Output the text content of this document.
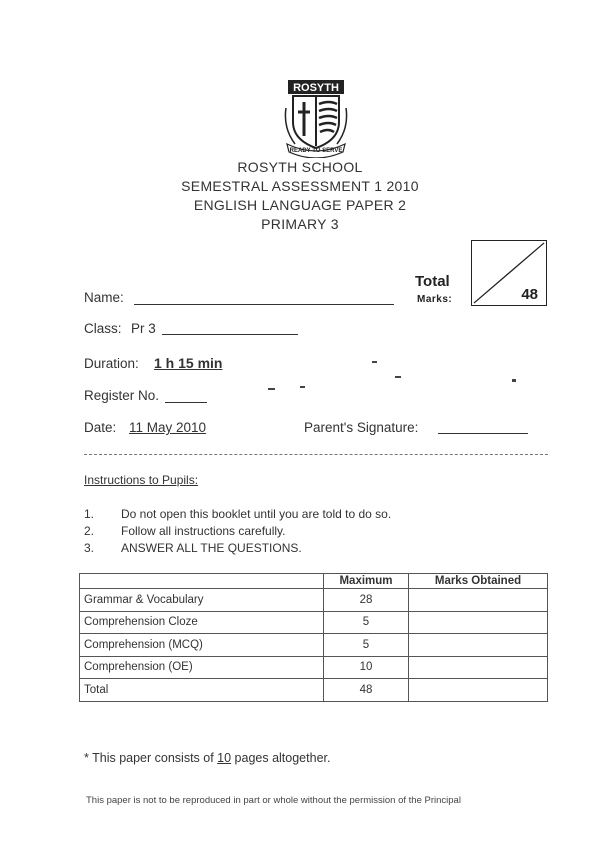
ROSYTH
READY TO SERVE
ROSYTH SCHOOL
SEMESTRAL ASSESSMENT 1 2010
ENGLISH LANGUAGE PAPER 2
PRIMARY 3
Total
Marks:	48
Name:
Class: Pr 3
Duration: 1 h 15 min
Register No.
Date: 11 May 2010	Parent's Signature:
Instructions to Pupils:
1. Do not open this booklet until you are told to do so.
2. Follow all instructions carefully.
3. ANSWER ALL THE QUESTIONS.
	Maximum	Marks Obtained
Grammar & Vocabulary	28	
Comprehension Cloze	5	
Comprehension (MCQ)	5	
Comprehension (OE)	10	
Total	48	
* This paper consists of 10 pages altogether.
This paper is not to be reproduced in part or whole without the permission of the Principal
